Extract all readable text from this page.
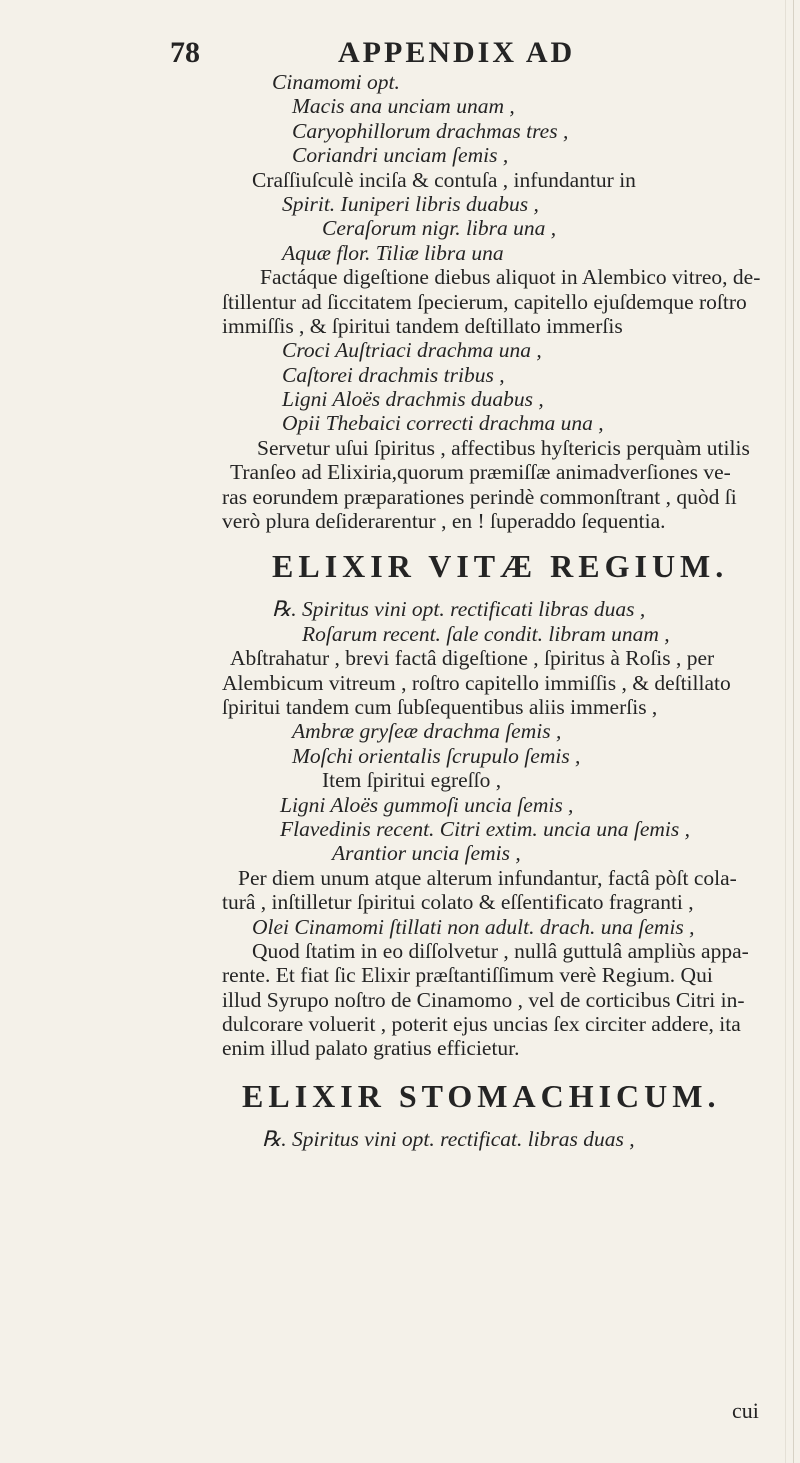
78	APPENDIX AD
Cinamomi opt.
Macis ana unciam unam ,
Caryophillorum drachmas tres ,
Coriandri unciam ſemis ,
Craſſiuſculè inciſa & contuſa , infundantur in
Spirit. Iuniperi libris duabus ,
Ceraſorum nigr. libra una ,
Aquæ flor. Tiliæ libra una
Factáque digeſtione diebus aliquot in Alembico vitreo, de-
ſtillentur ad ſiccitatem ſpecierum, capitello ejuſdemque roſtro
immiſſis , & ſpiritui tandem deſtillato immerſis
Croci Auſtriaci drachma una ,
Caſtorei drachmis tribus ,
Ligni Aloës drachmis duabus ,
Opii Thebaici correcti drachma una ,
Servetur uſui ſpiritus , affectibus hyſtericis perquàm utilis
Tranſeo ad Elixiria,quorum præmiſſæ animadverſiones ve-
ras eorundem præparationes perindè commonſtrant , quòd ſi
verò plura deſiderarentur , en ! ſuperaddo ſequentia.
ELIXIR VITÆ REGIUM.
℞. Spiritus vini opt. rectificati libras duas ,
Roſarum recent. ſale condit. libram unam ,
Abſtrahatur , brevi factâ digeſtione , ſpiritus à Roſis , per
Alembicum vitreum , roſtro capitello immiſſis , & deſtillato
ſpiritui tandem cum ſubſequentibus aliis immerſis ,
Ambræ gryſeæ drachma ſemis ,
Moſchi orientalis ſcrupulo ſemis ,
Item ſpiritui egreſſo ,
Ligni Aloës gummoſi uncia ſemis ,
Flavedinis recent. Citri extim. uncia una ſemis ,
Arantior uncia ſemis ,
Per diem unum atque alterum infundantur, factâ pòſt cola-
turâ , inſtilletur ſpiritui colato & eſſentificato fragranti ,
Olei Cinamomi ſtillati non adult. drach. una ſemis ,
Quod ſtatim in eo diſſolvetur , nullâ guttulâ ampliùs appa-
rente. Et fiat ſic Elixir præſtantiſſimum verè Regium. Qui
illud Syrupo noſtro de Cinamomo , vel de corticibus Citri in-
dulcorare voluerit , poterit ejus uncias ſex circiter addere, ita
enim illud palato gratius efficietur.
ELIXIR STOMACHICUM.
℞. Spiritus vini opt. rectificat. libras duas ,
cui
